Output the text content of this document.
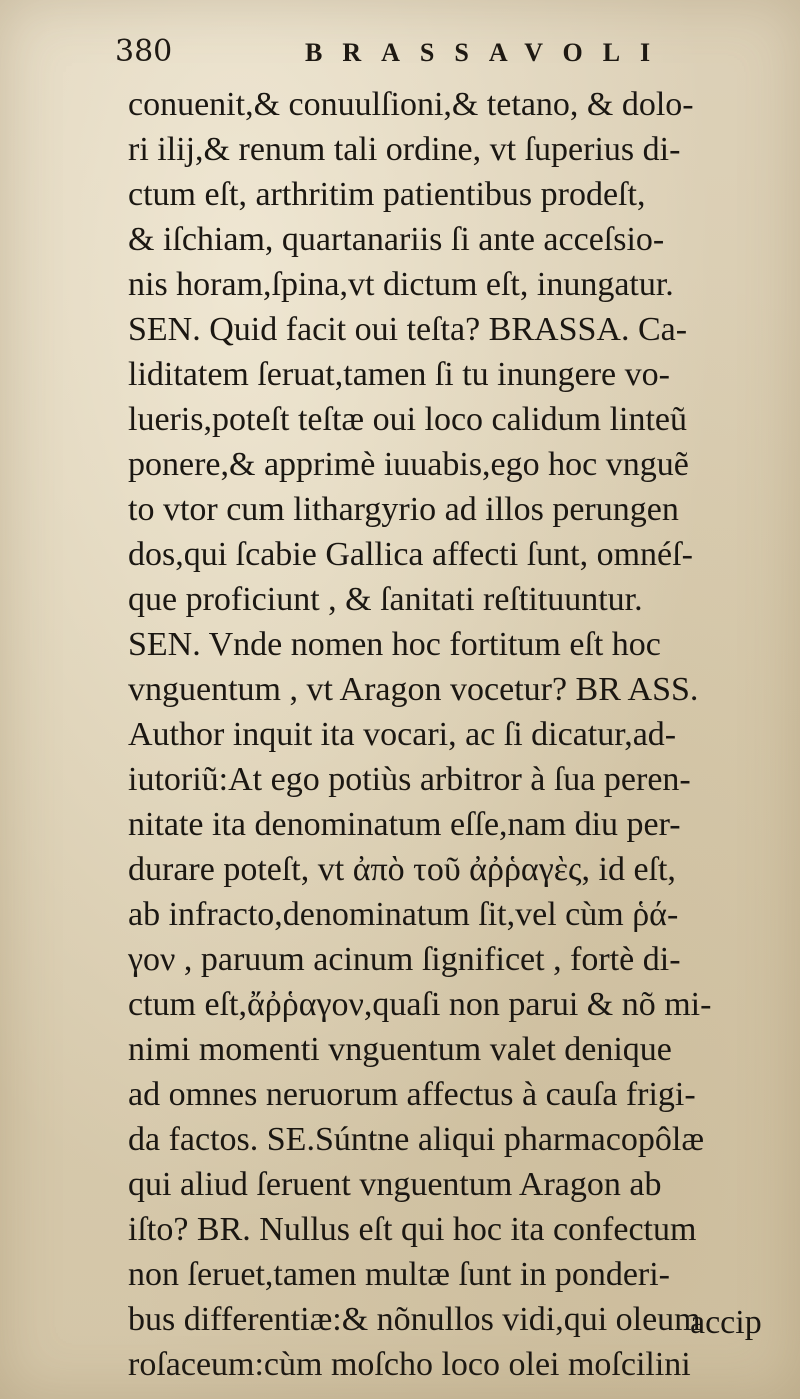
380	BRASSAVOLI
conuenit,& conuulſioni,& tetano, & dolo-
ri ilij,& renum tali ordine, vt ſuperius di-
ctum eſt, arthritim patientibus prodeſt,
& iſchiam, quartanariis ſi ante acceſsio-
nis horam,ſpina,vt dictum eſt, inungatur.
SEN. Quid facit oui teſta? BRASSA. Ca-
liditatem ſeruat,tamen ſi tu inungere vo-
lueris,poteſt teſtæ oui loco calidum linteũ
ponere,& apprimè iuuabis,ego hoc vnguẽ
to vtor cum lithargyrio ad illos perungen
dos,qui ſcabie Gallica affecti ſunt, omnéſ-
que proficiunt , & ſanitati reſtituuntur.
SEN. Vnde nomen hoc fortitum eſt hoc
vnguentum , vt Aragon vocetur? BR ASS.
Author inquit ita vocari, ac ſi dicatur,ad-
iutoriũ:At ego potiùs arbitror à ſua peren-
nitate ita denominatum eſſe,nam diu per-
durare poteſt, vt ἀπὸ τοῦ ἀῤῥαγὲς, id eſt,
ab infracto,denominatum ſit,vel cùm ῥά-
γον , paruum acinum ſignificet , fortè di-
ctum eſt,ἄῤῥαγον,quaſi non parui & nõ mi-
nimi momenti vnguentum valet denique
ad omnes neruorum affectus à cauſa frigi-
da factos. SE.Súntne aliqui pharmacopôlæ
qui aliud ſeruent vnguentum Aragon ab
iſto? BR. Nullus eſt qui hoc ita confectum
non ſeruet,tamen multæ ſunt in ponderi-
bus differentiæ:& nõnullos vidi,qui oleum
roſaceum:cùm moſcho loco olei moſcilini
accip
